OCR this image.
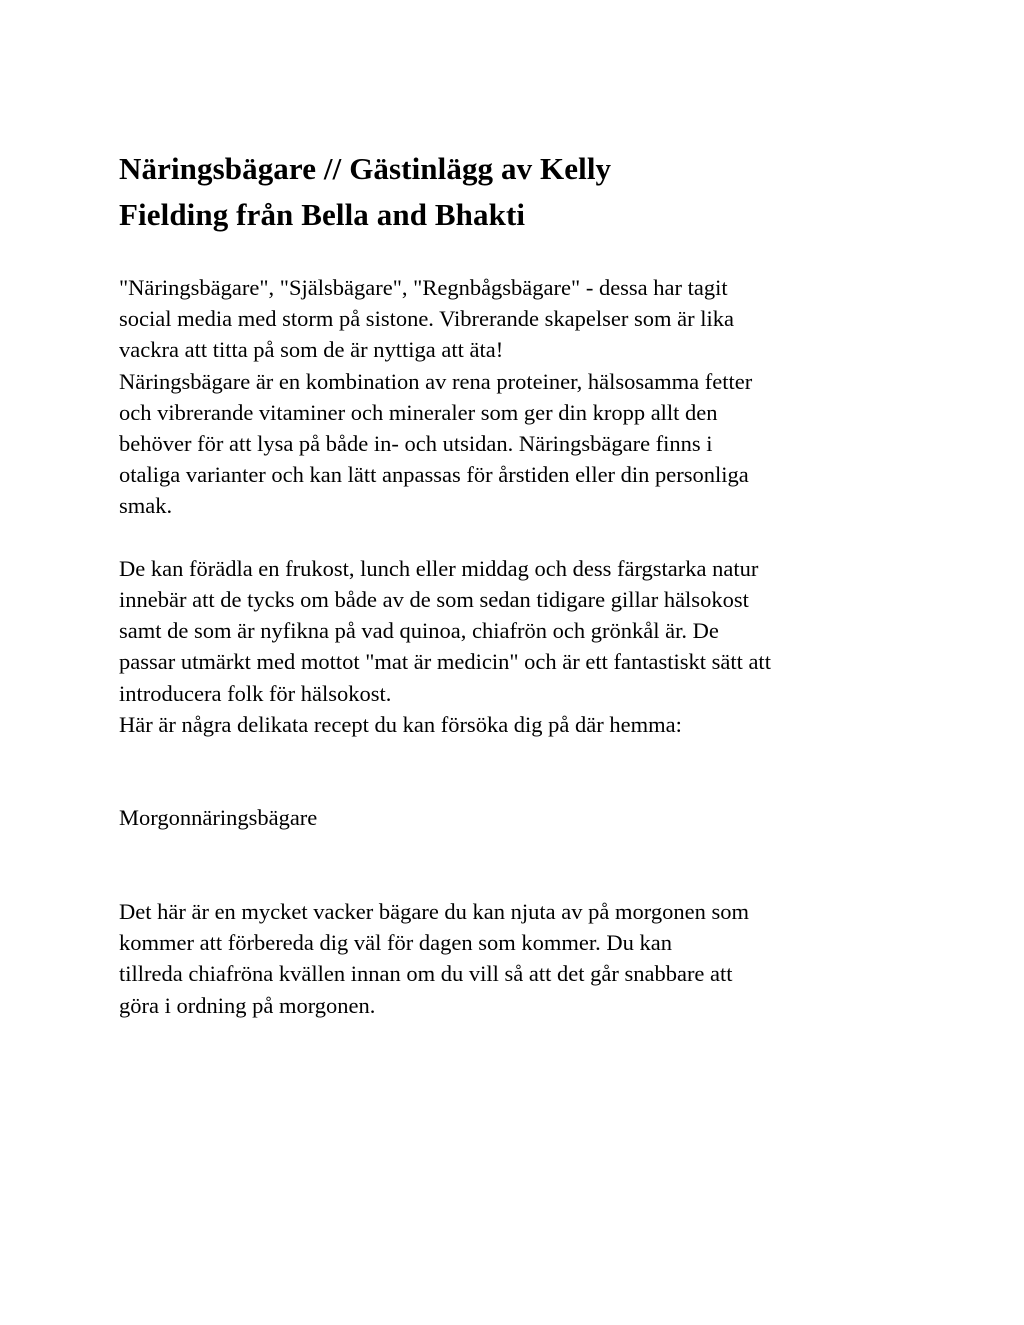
Näringsbägare // Gästinlägg av Kelly
Fielding från Bella and Bhakti

"Näringsbägare", "Själsbägare", "Regnbågsbägare" - dessa har tagit
social media med storm på sistone. Vibrerande skapelser som är lika
vackra att titta på som de är nyttiga att äta!
Näringsbägare är en kombination av rena proteiner, hälsosamma fetter
och vibrerande vitaminer och mineraler som ger din kropp allt den
behöver för att lysa på både in- och utsidan. Näringsbägare finns i
otaliga varianter och kan lätt anpassas för årstiden eller din personliga
smak.

De kan förädla en frukost, lunch eller middag och dess färgstarka natur
innebär att de tycks om både av de som sedan tidigare gillar hälsokost
samt de som är nyfikna på vad quinoa, chiafrön och grönkål är. De
passar utmärkt med mottot "mat är medicin" och är ett fantastiskt sätt att
introducera folk för hälsokost.
Här är några delikata recept du kan försöka dig på där hemma:

Morgonnäringsbägare

Det här är en mycket vacker bägare du kan njuta av på morgonen som
kommer att förbereda dig väl för dagen som kommer. Du kan
tillreda chiafröna kvällen innan om du vill så att det går snabbare att
göra i ordning på morgonen.
